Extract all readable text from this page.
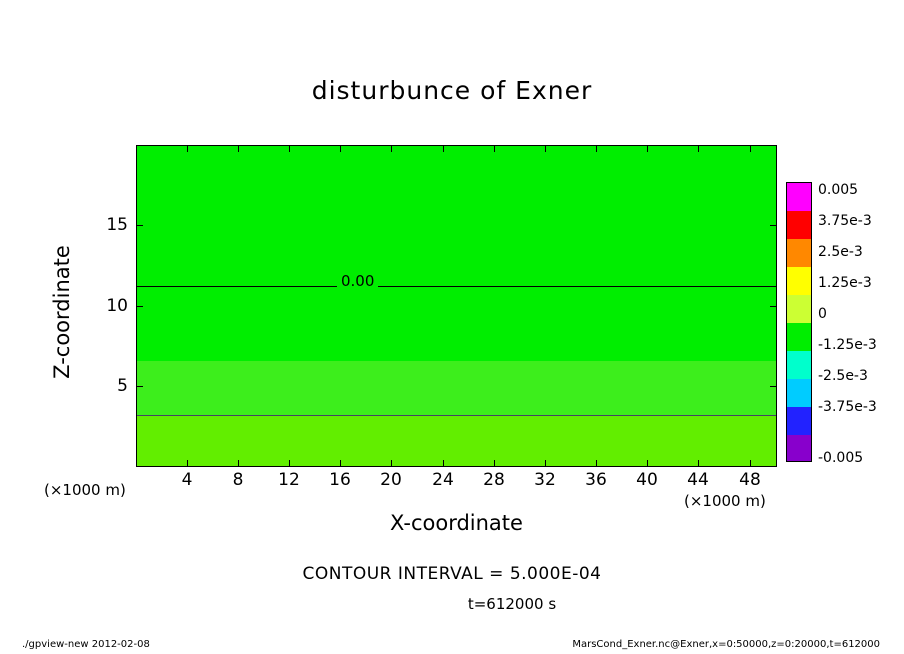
disturbunce of Exner
0.00
4	8	12	16	20	24	28	32	36	40	44	48
5
10
15
X-coordinate
Z-coordinate
(×1000 m)
(×1000 m)
0.005
3.75e-3
2.5e-3
1.25e-3
0
-1.25e-3
-2.5e-3
-3.75e-3
-0.005
CONTOUR INTERVAL = 5.000E-04
t=612000 s
./gpview-new 2012-02-08	MarsCond_Exner.nc@Exner,x=0:50000,z=0:20000,t=612000
